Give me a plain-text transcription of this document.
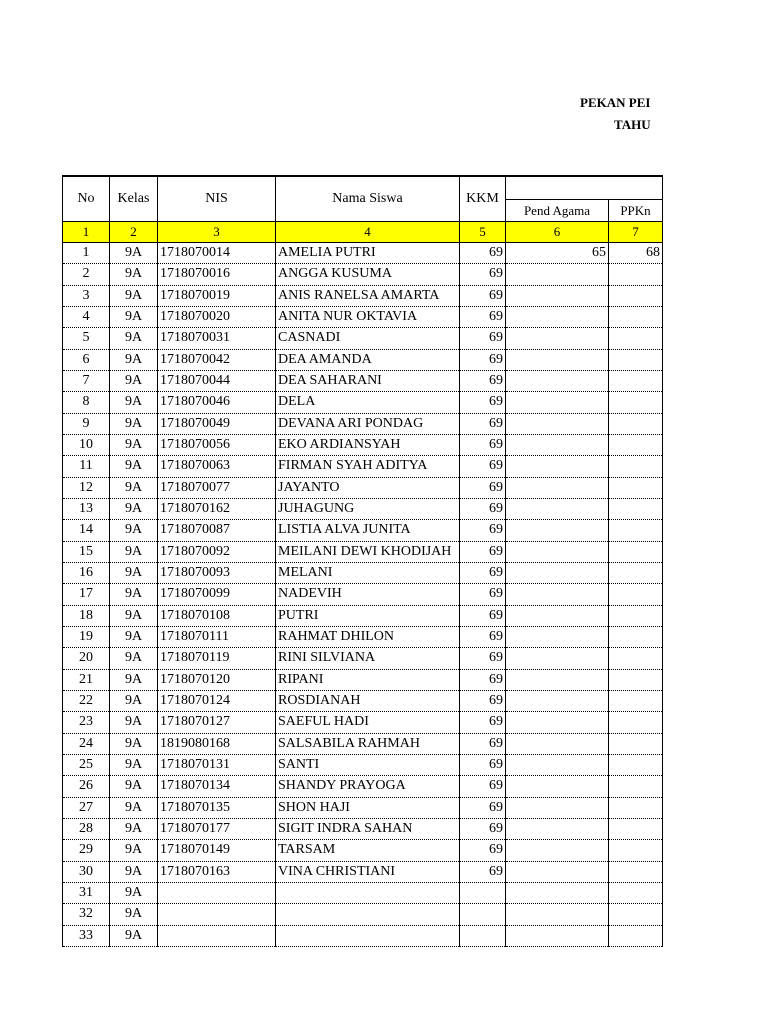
PEKAN PEI
TAHU
No	Kelas	NIS	Nama Siswa	KKM		
					Pend Agama	PPKn
1	2	3	4	5	6	7
1	9A	1718070014	AMELIA PUTRI	69	65	68
2	9A	1718070016	ANGGA KUSUMA	69		
3	9A	1718070019	ANIS RANELSA AMARTA	69		
4	9A	1718070020	ANITA NUR OKTAVIA	69		
5	9A	1718070031	CASNADI	69		
6	9A	1718070042	DEA AMANDA	69		
7	9A	1718070044	DEA SAHARANI	69		
8	9A	1718070046	DELA	69		
9	9A	1718070049	DEVANA ARI PONDAG	69		
10	9A	1718070056	EKO ARDIANSYAH	69		
11	9A	1718070063	FIRMAN SYAH ADITYA	69		
12	9A	1718070077	JAYANTO	69		
13	9A	1718070162	JUHAGUNG	69		
14	9A	1718070087	LISTIA ALVA JUNITA	69		
15	9A	1718070092	MEILANI DEWI KHODIJAH	69		
16	9A	1718070093	MELANI	69		
17	9A	1718070099	NADEVIH	69		
18	9A	1718070108	PUTRI	69		
19	9A	1718070111	RAHMAT DHILON	69		
20	9A	1718070119	RINI SILVIANA	69		
21	9A	1718070120	RIPANI	69		
22	9A	1718070124	ROSDIANAH	69		
23	9A	1718070127	SAEFUL HADI	69		
24	9A	1819080168	SALSABILA RAHMAH	69		
25	9A	1718070131	SANTI	69		
26	9A	1718070134	SHANDY PRAYOGA	69		
27	9A	1718070135	SHON HAJI	69		
28	9A	1718070177	SIGIT INDRA SAHAN	69		
29	9A	1718070149	TARSAM	69		
30	9A	1718070163	VINA CHRISTIANI	69		
31	9A					
32	9A					
33	9A					
